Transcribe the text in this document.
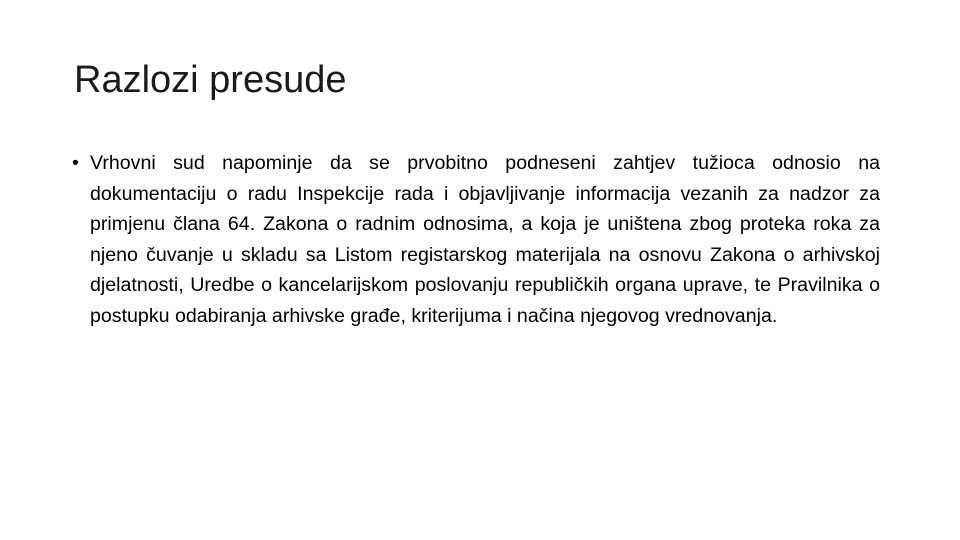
Razlozi presude
• Vrhovni sud napominje da se prvobitno podneseni zahtjev tužioca odnosio na dokumentaciju o radu Inspekcije rada i objavljivanje informacija vezanih za nadzor za primjenu člana 64. Zakona o radnim odnosima, a koja je uništena zbog proteka roka za njeno čuvanje u skladu sa Listom registarskog materijala na osnovu Zakona o arhivskoj djelatnosti, Uredbe o kancelarijskom poslovanju republičkih organa uprave, te Pravilnika o postupku odabiranja arhivske građe, kriterijuma i načina njegovog vrednovanja.
